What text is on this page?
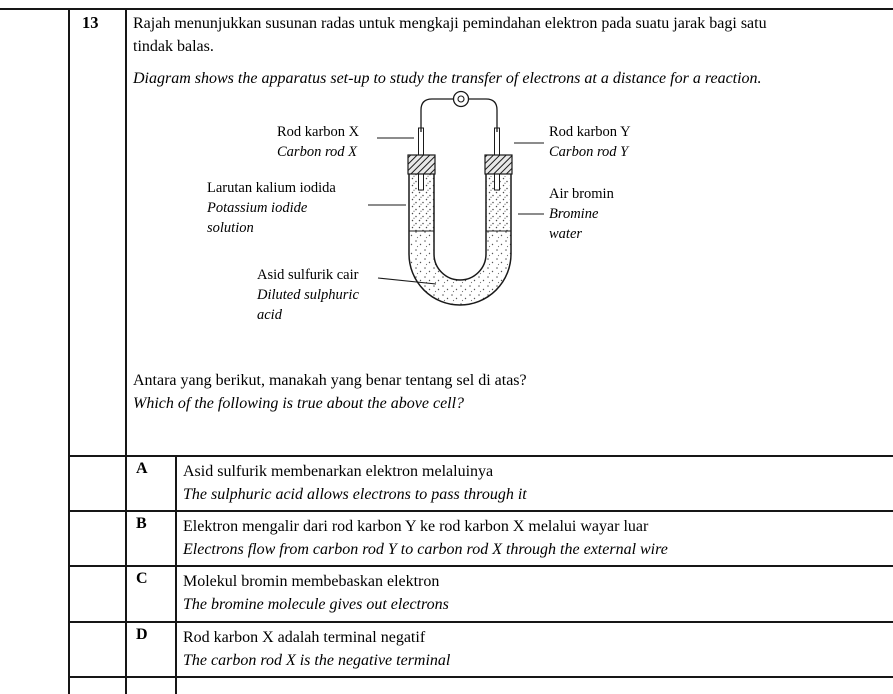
13	Rajah menunjukkan susunan radas untuk mengkaji pemindahan elektron pada suatu jarak bagi satu tindak balas.

Diagram shows the apparatus set-up to study the transfer of electrons at a distance for a reaction.

Rod karbon X
Carbon rod X
Rod karbon Y
Carbon rod Y
Larutan kalium iodida
Potassium iodide
solution
Air bromin
Bromine
water
Asid sulfurik cair
Diluted sulphuric
acid

Antara yang berikut, manakah yang benar tentang sel di atas?

Which of the following is true about the above cell?

A Asid sulfurik membenarkan elektron melaluinya
The sulphuric acid allows electrons to pass through it
B Elektron mengalir dari rod karbon Y ke rod karbon X melalui wayar luar
Electrons flow from carbon rod Y to carbon rod X through the external wire
C Molekul bromin membebaskan elektron
The bromine molecule gives out electrons
D Rod karbon X adalah terminal negatif
The carbon rod X is the negative terminal
